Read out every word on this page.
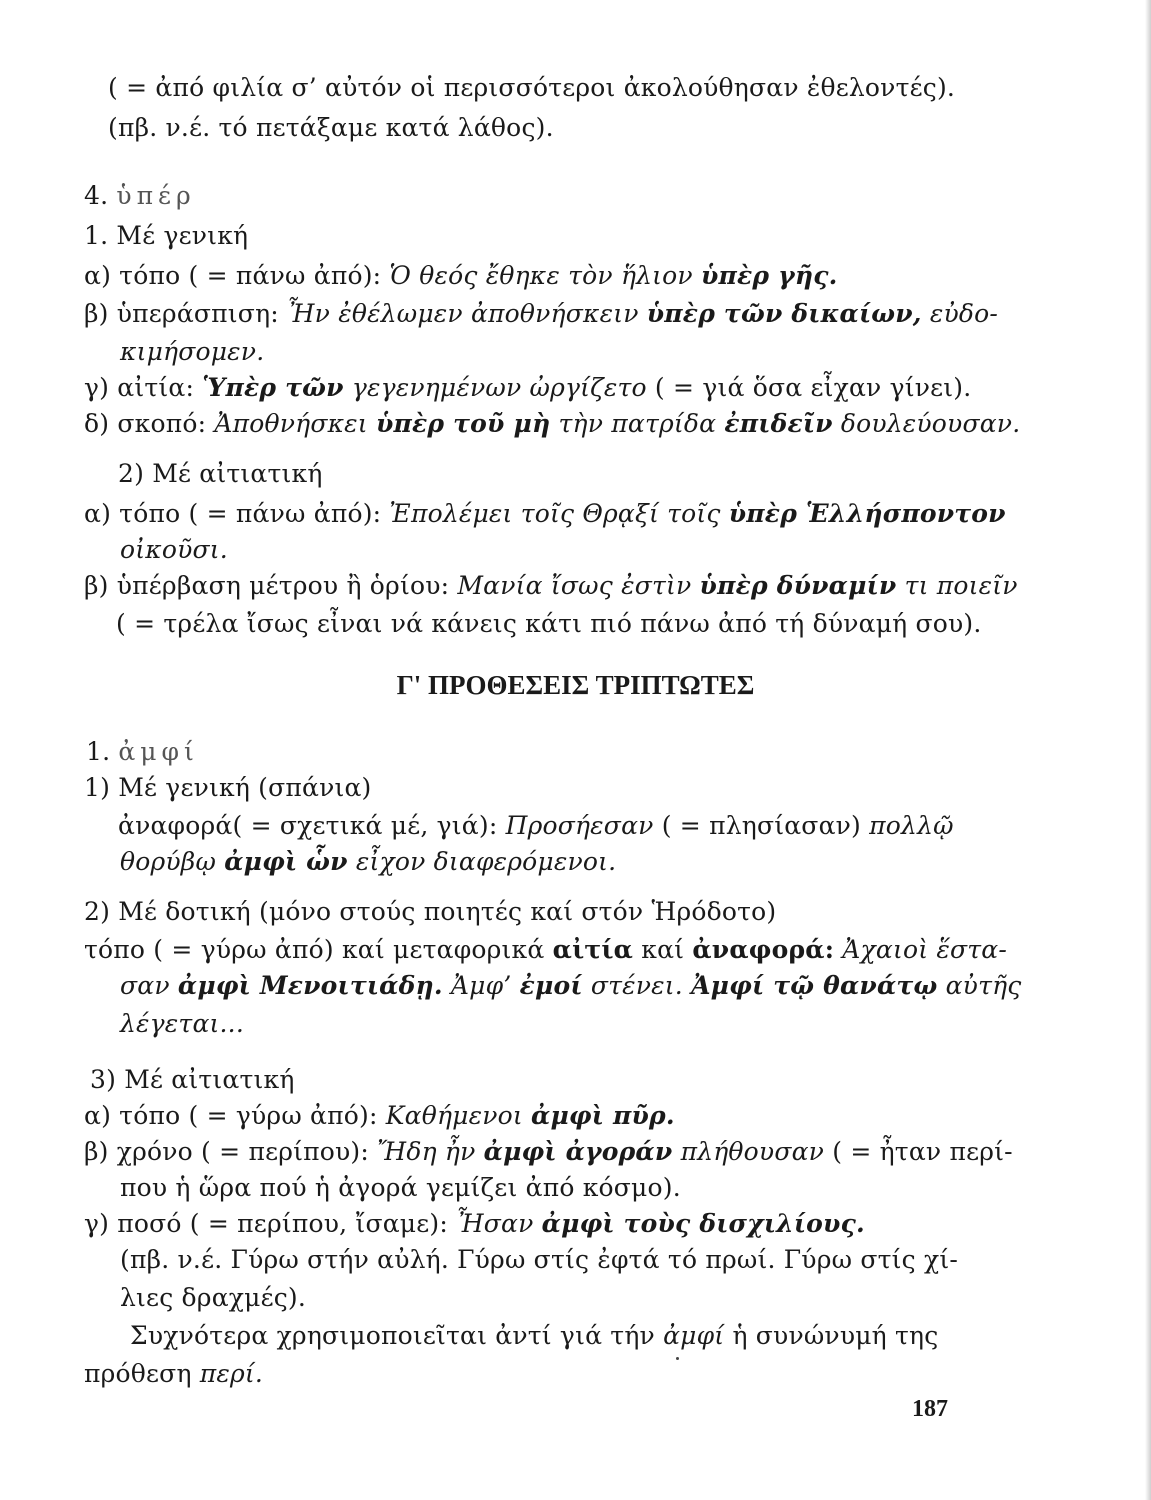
( = ἀπό φιλία σ’ αὐτόν οἱ περισσότεροι ἀκολούθησαν ἐθελοντές).
(πβ. ν.έ. τό πετάξαμε κατά λάθος).
4. ὑπέρ
1. Μέ γενική
α) τόπο ( = πάνω ἀπό): Ὁ θεός ἔθηκε τὸν ἥλιον ὑπὲρ γῆς.
β) ὑπεράσπιση: Ἦν ἐθέλωμεν ἀποθνήσκειν ὑπὲρ τῶν δικαίων, εὐδο-
κιμήσομεν.
γ) αἰτία: Ὑπὲρ τῶν γεγενημένων ὠργίζετο ( = γιά ὅσα εἶχαν γίνει).
δ) σκοπό: Ἀποθνήσκει ὑπὲρ τοῦ μὴ τὴν πατρίδα ἐπιδεῖν δουλεύουσαν.
2) Μέ αἰτιατική
α) τόπο ( = πάνω ἀπό): Ἐπολέμει τοῖς Θρᾳξί τοῖς ὑπὲρ Ἑλλήσποντον
οἰκοῦσι.
β) ὑπέρβαση μέτρου ἢ ὁρίου: Μανία ἴσως ἐστὶν ὑπὲρ δύναμίν τι ποιεῖν
( = τρέλα ἴσως εἶναι νά κάνεις κάτι πιό πάνω ἀπό τή δύναμή σου).
Γ' ΠΡΟΘΕΣΕΙΣ ΤΡΙΠΤΩΤΕΣ
1. ἀμφί
1) Μέ γενική (σπάνια)
ἀναφορά( = σχετικά μέ, γιά): Προσήεσαν ( = πλησίασαν) πολλῷ
θορύβῳ ἀμφὶ ὧν εἶχον διαφερόμενοι.
2) Μέ δοτική (μόνο στούς ποιητές καί στόν Ἡρόδοτο)
τόπο ( = γύρω ἀπό) καί μεταφορικά αἰτία καί ἀναφορά: Ἀχαιοὶ ἕστα-
σαν ἀμφὶ Μενοιτιάδῃ. Ἀμφ’ ἐμοί στένει. Ἀμφί τῷ θανάτῳ αὐτῆς
λέγεται...
3) Μέ αἰτιατική
α) τόπο ( = γύρω ἀπό): Καθήμενοι ἀμφὶ πῦρ.
β) χρόνο ( = περίπου): Ἤδη ἦν ἀμφὶ ἀγοράν πλήθουσαν ( = ἦταν περί-
που ἡ ὥρα πού ἡ ἀγορά γεμίζει ἀπό κόσμο).
γ) ποσό ( = περίπου, ἴσαμε): Ἦσαν ἀμφὶ τοὺς δισχιλίους.
(πβ. ν.έ. Γύρω στήν αὐλή. Γύρω στίς ἐφτά τό πρωί. Γύρω στίς χί-
λιες δραχμές).
Συχνότερα χρησιμοποιεῖται ἀντί γιά τήν ἀμφί ἡ συνώνυμή της
πρόθεση περί.
187
